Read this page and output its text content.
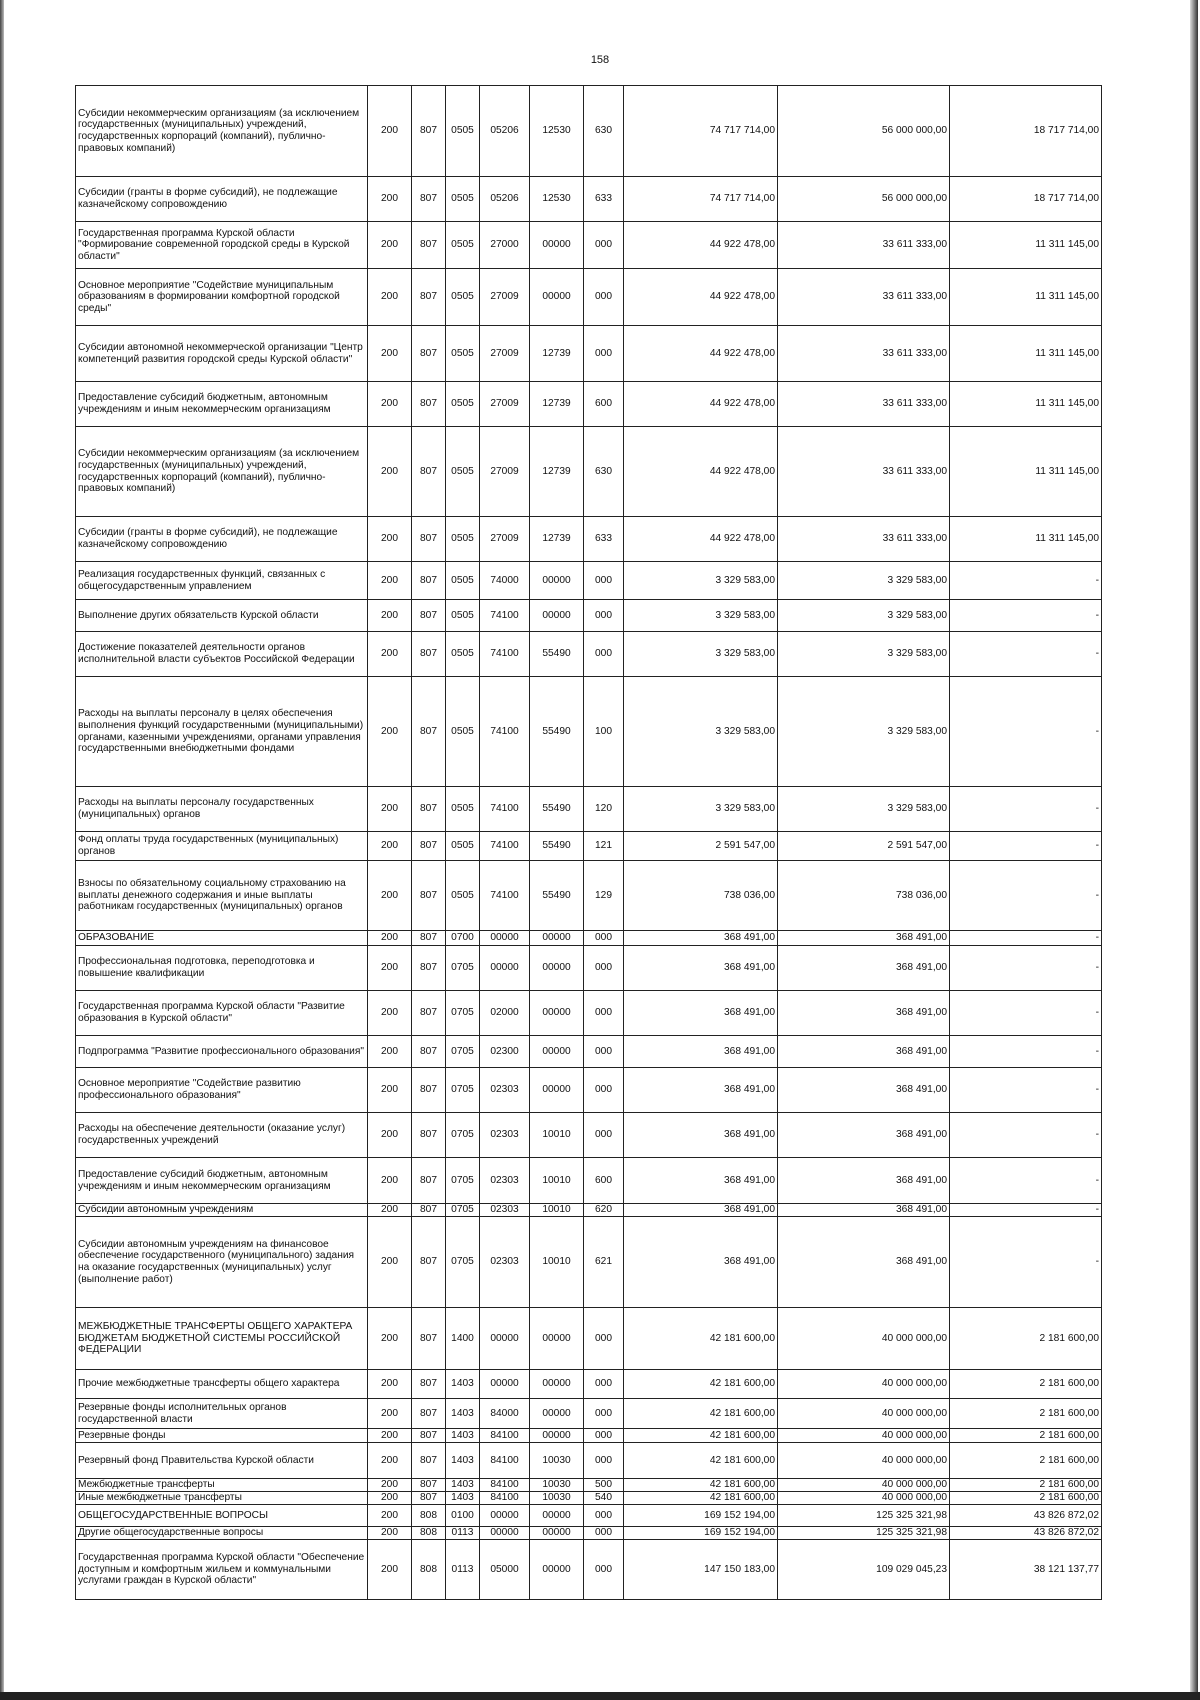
158
Субсидии некоммерческим организациям (за исключением государственных (муниципальных) учреждений, государственных корпораций (компаний), публично-правовых компаний)	200	807	0505	05206	12530	630	74 717 714,00	56 000 000,00	18 717 714,00
Субсидии (гранты в форме субсидий), не подлежащие казначейскому сопровождению	200	807	0505	05206	12530	633	74 717 714,00	56 000 000,00	18 717 714,00
Государственная программа Курской области "Формирование современной городской среды в Курской области"	200	807	0505	27000	00000	000	44 922 478,00	33 611 333,00	11 311 145,00
Основное мероприятие "Содействие муниципальным образованиям в формировании комфортной городской среды"	200	807	0505	27009	00000	000	44 922 478,00	33 611 333,00	11 311 145,00
Субсидии автономной некоммерческой организации "Центр компетенций развития городской среды Курской области"	200	807	0505	27009	12739	000	44 922 478,00	33 611 333,00	11 311 145,00
Предоставление субсидий бюджетным, автономным учреждениям и иным некоммерческим организациям	200	807	0505	27009	12739	600	44 922 478,00	33 611 333,00	11 311 145,00
Субсидии некоммерческим организациям (за исключением государственных (муниципальных) учреждений, государственных корпораций (компаний), публично-правовых компаний)	200	807	0505	27009	12739	630	44 922 478,00	33 611 333,00	11 311 145,00
Субсидии (гранты в форме субсидий), не подлежащие казначейскому сопровождению	200	807	0505	27009	12739	633	44 922 478,00	33 611 333,00	11 311 145,00
Реализация государственных функций, связанных с общегосударственным управлением	200	807	0505	74000	00000	000	3 329 583,00	3 329 583,00	-
Выполнение других обязательств Курской области	200	807	0505	74100	00000	000	3 329 583,00	3 329 583,00	-
Достижение показателей деятельности органов исполнительной власти субъектов Российской Федерации	200	807	0505	74100	55490	000	3 329 583,00	3 329 583,00	-
Расходы на выплаты персоналу в целях обеспечения выполнения функций государственными (муниципальными) органами, казенными учреждениями, органами управления государственными внебюджетными фондами	200	807	0505	74100	55490	100	3 329 583,00	3 329 583,00	-
Расходы на выплаты персоналу государственных (муниципальных) органов	200	807	0505	74100	55490	120	3 329 583,00	3 329 583,00	-
Фонд оплаты труда государственных (муниципальных) органов	200	807	0505	74100	55490	121	2 591 547,00	2 591 547,00	-
Взносы по обязательному социальному страхованию на выплаты денежного содержания и иные выплаты работникам государственных (муниципальных) органов	200	807	0505	74100	55490	129	738 036,00	738 036,00	-
ОБРАЗОВАНИЕ	200	807	0700	00000	00000	000	368 491,00	368 491,00	-
Профессиональная подготовка, переподготовка и повышение квалификации	200	807	0705	00000	00000	000	368 491,00	368 491,00	-
Государственная программа Курской области "Развитие образования в Курской области"	200	807	0705	02000	00000	000	368 491,00	368 491,00	-
Подпрограмма "Развитие профессионального образования"	200	807	0705	02300	00000	000	368 491,00	368 491,00	-
Основное мероприятие "Содействие развитию профессионального образования"	200	807	0705	02303	00000	000	368 491,00	368 491,00	-
Расходы на обеспечение деятельности (оказание услуг) государственных учреждений	200	807	0705	02303	10010	000	368 491,00	368 491,00	-
Предоставление субсидий бюджетным, автономным учреждениям и иным некоммерческим организациям	200	807	0705	02303	10010	600	368 491,00	368 491,00	-
Субсидии автономным учреждениям	200	807	0705	02303	10010	620	368 491,00	368 491,00	-
Субсидии автономным учреждениям на финансовое обеспечение государственного (муниципального) задания на оказание государственных (муниципальных) услуг (выполнение работ)	200	807	0705	02303	10010	621	368 491,00	368 491,00	-
МЕЖБЮДЖЕТНЫЕ ТРАНСФЕРТЫ ОБЩЕГО ХАРАКТЕРА БЮДЖЕТАМ БЮДЖЕТНОЙ СИСТЕМЫ РОССИЙСКОЙ ФЕДЕРАЦИИ	200	807	1400	00000	00000	000	42 181 600,00	40 000 000,00	2 181 600,00
Прочие межбюджетные трансферты общего характера	200	807	1403	00000	00000	000	42 181 600,00	40 000 000,00	2 181 600,00
Резервные фонды исполнительных органов государственной власти	200	807	1403	84000	00000	000	42 181 600,00	40 000 000,00	2 181 600,00
Резервные фонды	200	807	1403	84100	00000	000	42 181 600,00	40 000 000,00	2 181 600,00
Резервный фонд Правительства Курской области	200	807	1403	84100	10030	000	42 181 600,00	40 000 000,00	2 181 600,00
Межбюджетные трансферты	200	807	1403	84100	10030	500	42 181 600,00	40 000 000,00	2 181 600,00
Иные межбюджетные трансферты	200	807	1403	84100	10030	540	42 181 600,00	40 000 000,00	2 181 600,00
ОБЩЕГОСУДАРСТВЕННЫЕ ВОПРОСЫ	200	808	0100	00000	00000	000	169 152 194,00	125 325 321,98	43 826 872,02
Другие общегосударственные вопросы	200	808	0113	00000	00000	000	169 152 194,00	125 325 321,98	43 826 872,02
Государственная программа Курской области "Обеспечение доступным и комфортным жильем и коммунальными услугами граждан в Курской области"	200	808	0113	05000	00000	000	147 150 183,00	109 029 045,23	38 121 137,77
